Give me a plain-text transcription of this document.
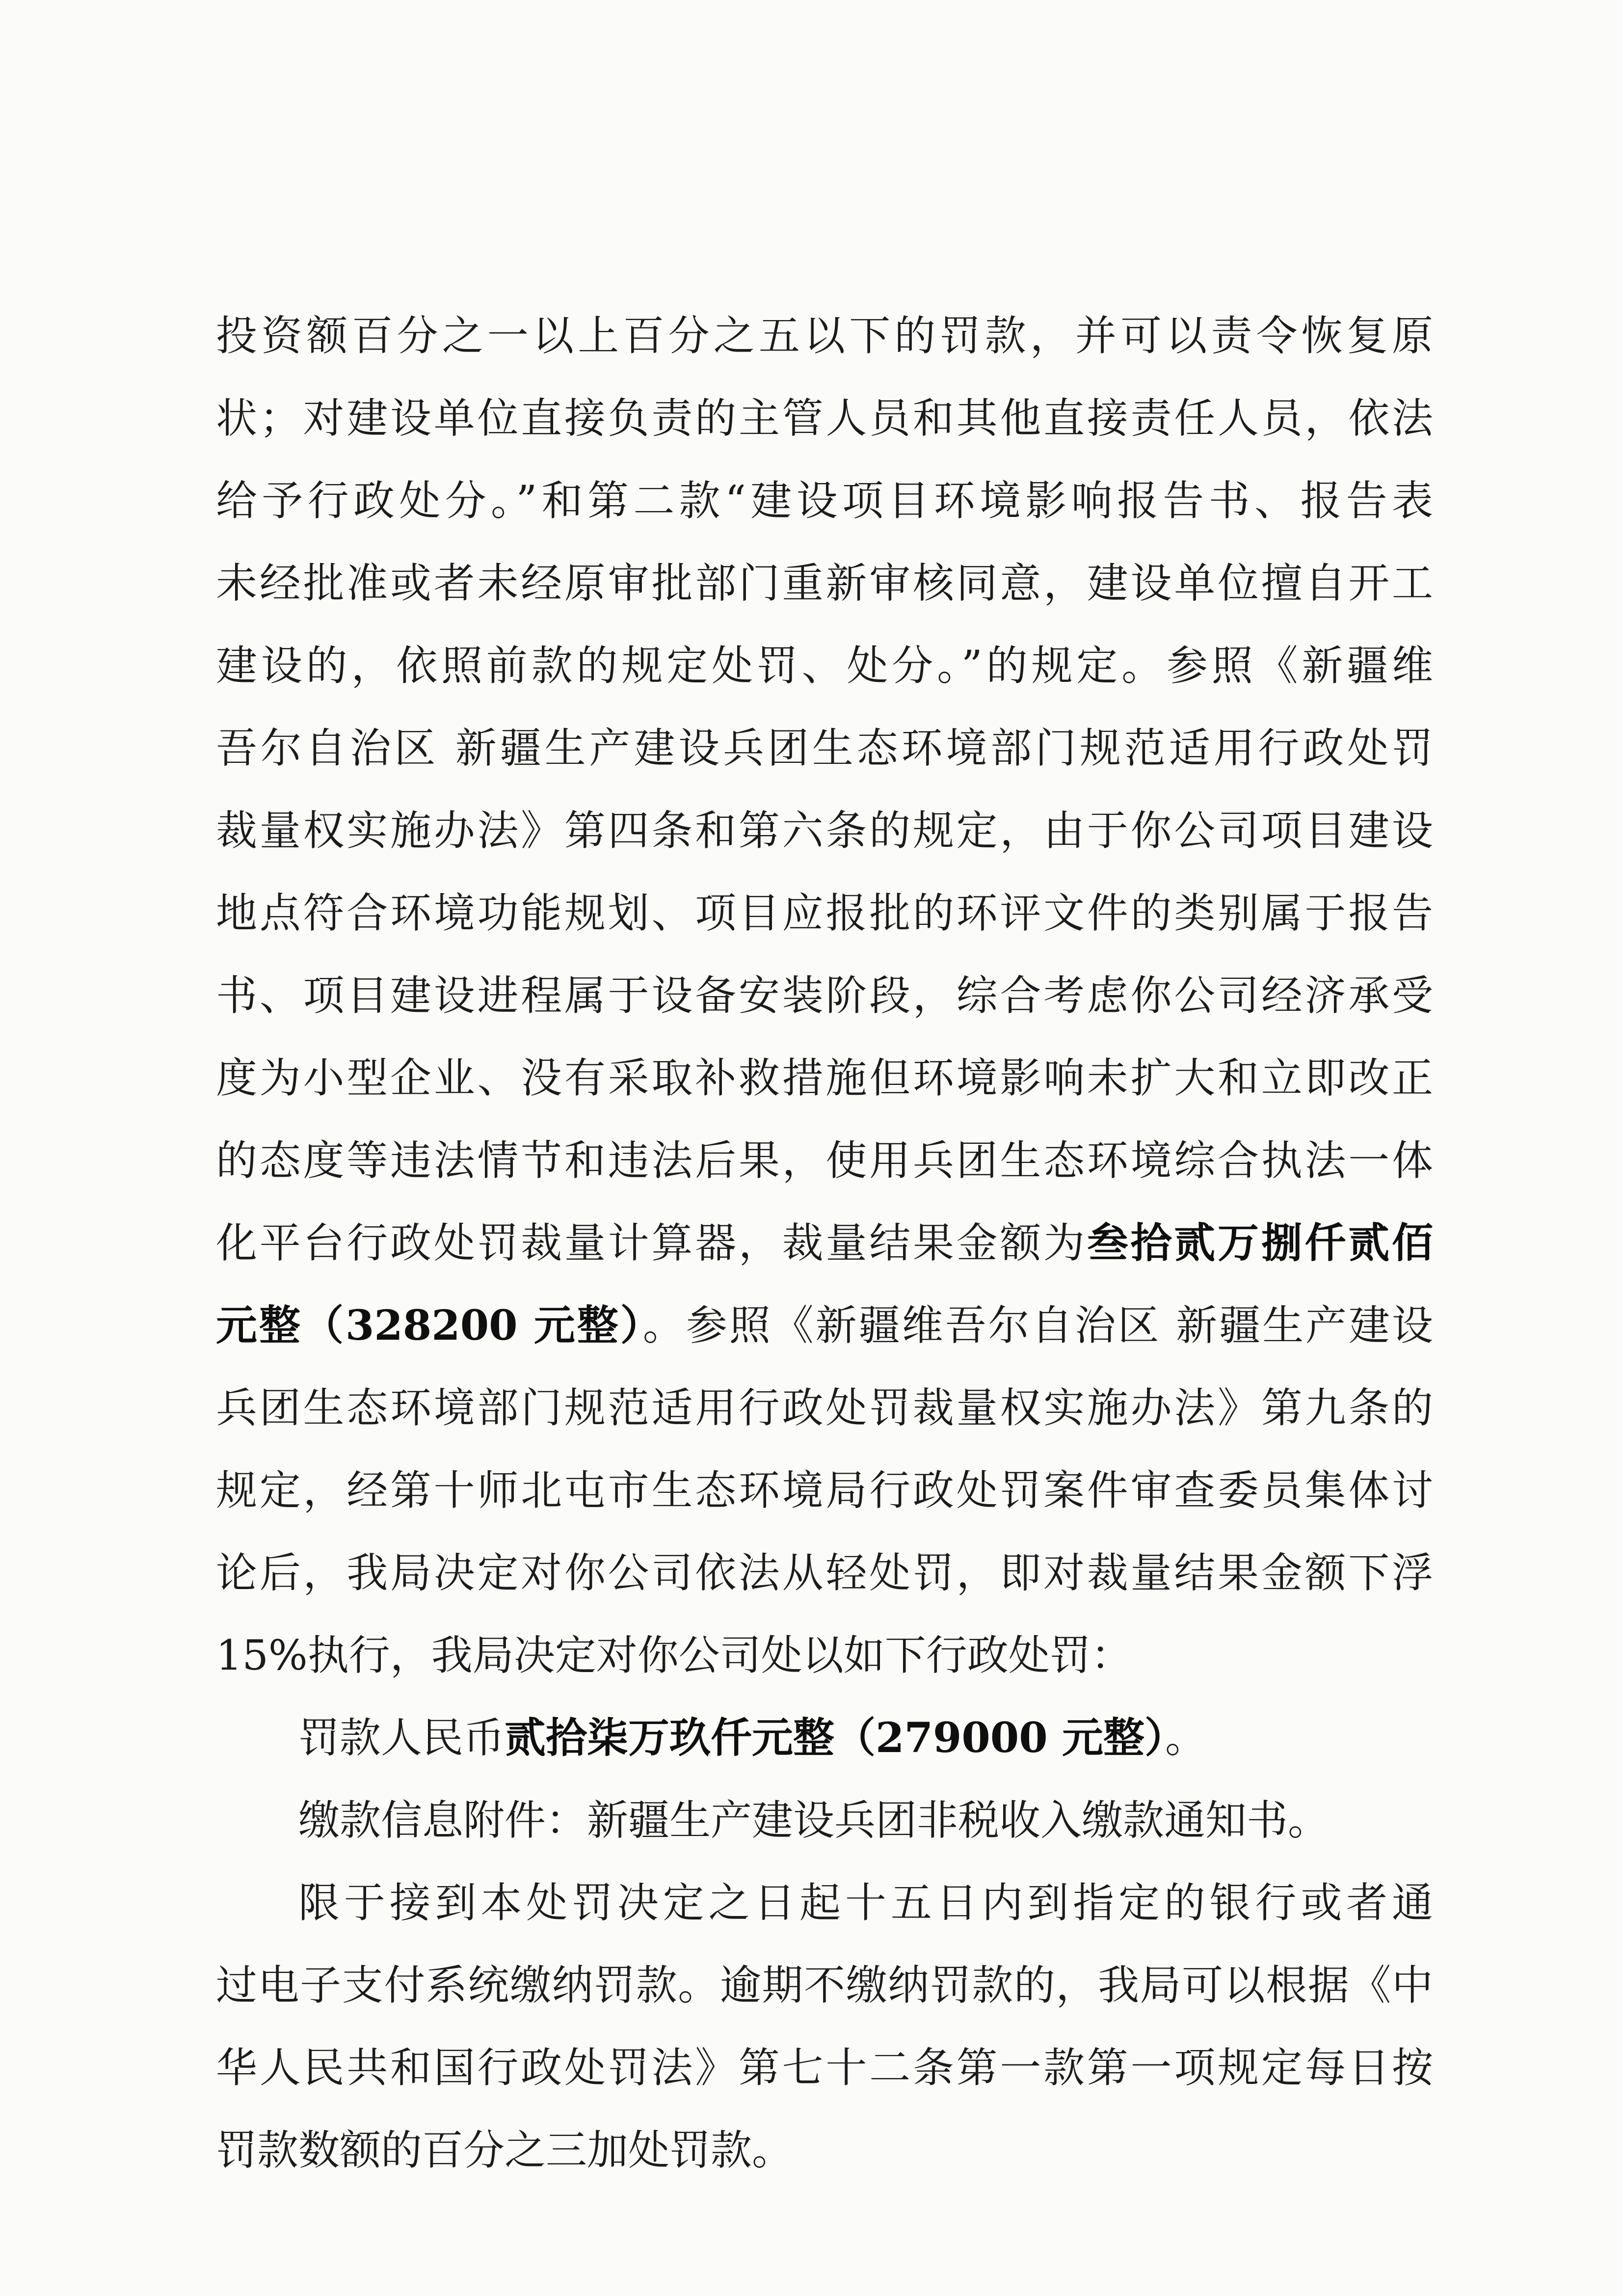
投资额百分之一以上百分之五以下的罚款，并可以责令恢复原
状；对建设单位直接负责的主管人员和其他直接责任人员，依法
给予行政处分。”和第二款“建设项目环境影响报告书、报告表
未经批准或者未经原审批部门重新审核同意，建设单位擅自开工
建设的，依照前款的规定处罚、处分。”的规定。参照《新疆维
吾尔自治区 新疆生产建设兵团生态环境部门规范适用行政处罚
裁量权实施办法》第四条和第六条的规定，由于你公司项目建设
地点符合环境功能规划、项目应报批的环评文件的类别属于报告
书、项目建设进程属于设备安装阶段，综合考虑你公司经济承受
度为小型企业、没有采取补救措施但环境影响未扩大和立即改正
的态度等违法情节和违法后果，使用兵团生态环境综合执法一体
化平台行政处罚裁量计算器，裁量结果金额为叁拾贰万捌仟贰佰
元整（328200 元整）。参照《新疆维吾尔自治区 新疆生产建设
兵团生态环境部门规范适用行政处罚裁量权实施办法》第九条的
规定，经第十师北屯市生态环境局行政处罚案件审查委员集体讨
论后，我局决定对你公司依法从轻处罚，即对裁量结果金额下浮
15%执行，我局决定对你公司处以如下行政处罚：
罚款人民币贰拾柒万玖仟元整（279000 元整）。
缴款信息附件：新疆生产建设兵团非税收入缴款通知书。
限于接到本处罚决定之日起十五日内到指定的银行或者通
过电子支付系统缴纳罚款。逾期不缴纳罚款的，我局可以根据《中
华人民共和国行政处罚法》第七十二条第一款第一项规定每日按
罚款数额的百分之三加处罚款。
